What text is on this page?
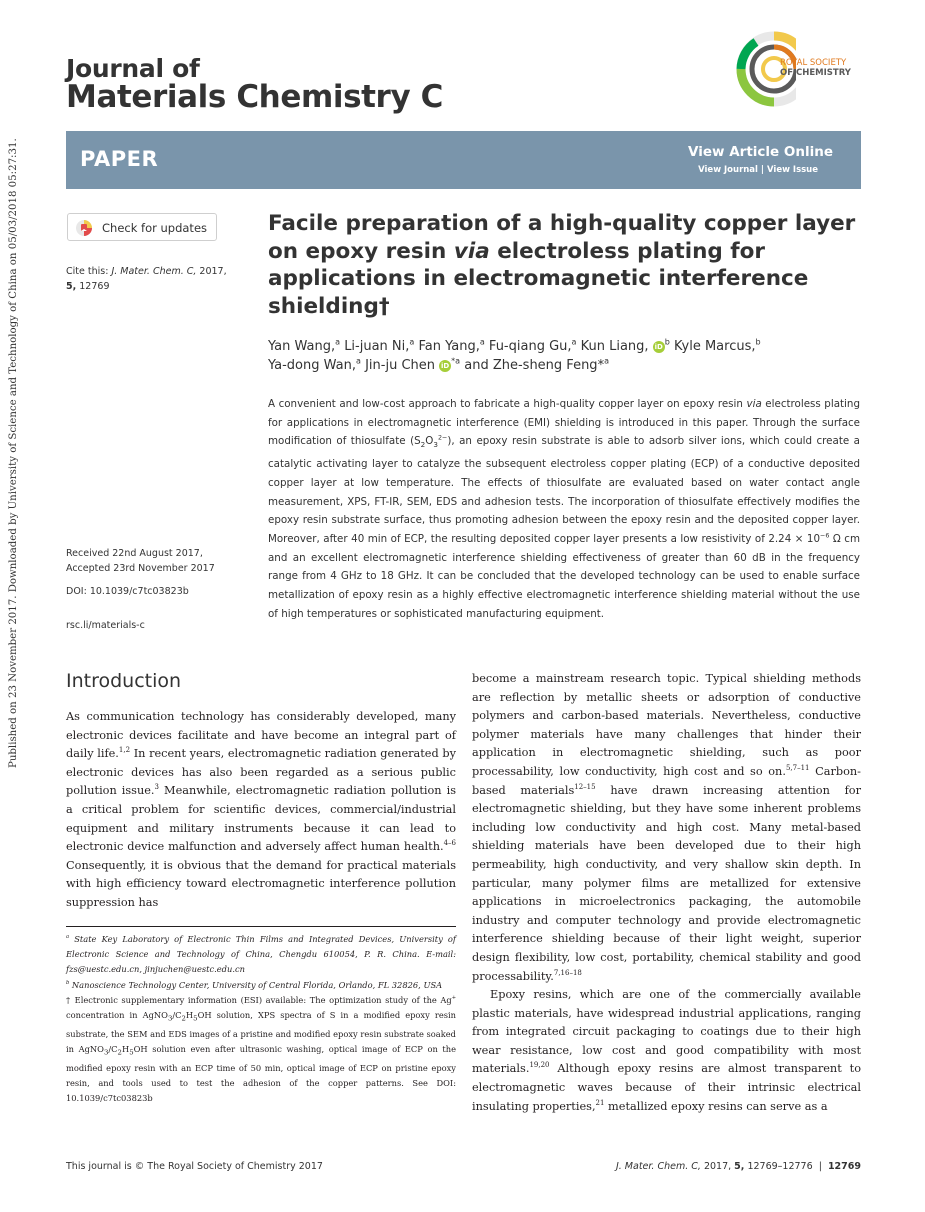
Published on 23 November 2017. Downloaded by University of Science and Technology of China on 05/03/2018 05:27:31.
Journal of
Materials Chemistry C
ROYAL SOCIETY
OF CHEMISTRY
PAPER	View Article Online
View Journal | View Issue
Check for updates
Cite this: J. Mater. Chem. C, 2017,
5, 12769
Facile preparation of a high-quality copper layer on epoxy resin via electroless plating for applications in electromagnetic interference shielding†
Yan Wang,$^a$ Li-juan Ni,$^a$ Fan Yang,$^a$ Fu-qiang Gu,$^a$ Kun Liang, $iD^b$ Kyle Marcus,$^b$
Ya-dong Wan,$^a$ Jin-ju Chen $iD^{*a}$ and Zhe-sheng Feng*$^a$
A convenient and low-cost approach to fabricate a high-quality copper layer on epoxy resin via electroless plating for applications in electromagnetic interference (EMI) shielding is introduced in this paper. Through the surface modification of thiosulfate $(S_2O_3^{2-})$, an epoxy resin substrate is able to adsorb silver ions, which could create a catalytic activating layer to catalyze the subsequent electroless copper plating (ECP) of a conductive deposited copper layer at low temperature. The effects of thiosulfate are evaluated based on water contact angle measurement, XPS, FT-IR, SEM, EDS and adhesion tests. The incorporation of thiosulfate effectively modifies the epoxy resin substrate surface, thus promoting adhesion between the epoxy resin and the deposited copper layer. Moreover, after 40 min of ECP, the resulting deposited copper layer presents a low resistivity of $2.24 \times 10^{-6}$ Ω cm and an excellent electromagnetic interference shielding effectiveness of greater than 60 dB in the frequency range from 4 GHz to 18 GHz. It can be concluded that the developed technology can be used to enable surface metallization of epoxy resin as a highly effective electromagnetic interference shielding material without the use of high temperatures or sophisticated manufacturing equipment.
Received 22nd August 2017,
Accepted 23rd November 2017
DOI: 10.1039/c7tc03823b
rsc.li/materials-c
Introduction
As communication technology has considerably developed, many electronic devices facilitate and have become an integral part of daily life.$^{1,2}$ In recent years, electromagnetic radiation generated by electronic devices has also been regarded as a serious public pollution issue.$^3$ Meanwhile, electromagnetic radiation pollution is a critical problem for scientific devices, commercial/industrial equipment and military instruments because it can lead to electronic device malfunction and adversely affect human health.$^{4-6}$ Consequently, it is obvious that the demand for practical materials with high efficiency toward electromagnetic interference pollution suppression has
become a mainstream research topic. Typical shielding methods are reflection by metallic sheets or adsorption of conductive polymers and carbon-based materials. Nevertheless, conductive polymer materials have many challenges that hinder their application in electromagnetic shielding, such as poor processability, low conductivity, high cost and so on.$^{5,7-11}$ Carbon-based materials$^{12-15}$ have drawn increasing attention for electromagnetic shielding, but they have some inherent problems including low conductivity and high cost. Many metal-based shielding materials have been developed due to their high permeability, high conductivity, and very shallow skin depth. In particular, many polymer films are metallized for extensive applications in microelectronics packaging, the automobile industry and computer technology and provide electromagnetic interference shielding because of their light weight, superior design flexibility, low cost, portability, chemical stability and good processability.$^{7,16-18}$
Epoxy resins, which are one of the commercially available plastic materials, have widespread industrial applications, ranging from integrated circuit packaging to coatings due to their high wear resistance, low cost and good compatibility with most materials.$^{19,20}$ Although epoxy resins are almost transparent to electromagnetic waves because of their intrinsic electrical insulating properties,$^{21}$ metallized epoxy resins can serve as a
$^a$ State Key Laboratory of Electronic Thin Films and Integrated Devices, University of Electronic Science and Technology of China, Chengdu 610054, P. R. China. E-mail: fzs@uestc.edu.cn, jinjuchen@uestc.edu.cn
$^b$ Nanoscience Technology Center, University of Central Florida, Orlando, FL 32826, USA
† Electronic supplementary information (ESI) available: The optimization study of the Ag+ concentration in $AgNO_3/C_2H_5OH$ solution, XPS spectra of S in a modified epoxy resin substrate, the SEM and EDS images of a pristine and modified epoxy resin substrate soaked in $AgNO_3/C_2H_5OH$ solution even after ultrasonic washing, optical image of ECP on the modified epoxy resin with an ECP time of 50 min, optical image of ECP on pristine epoxy resin, and tools used to test the adhesion of the copper patterns. See DOI: 10.1039/c7tc03823b
This journal is © The Royal Society of Chemistry 2017	J. Mater. Chem. C, 2017, 5, 12769–12776 | 12769
